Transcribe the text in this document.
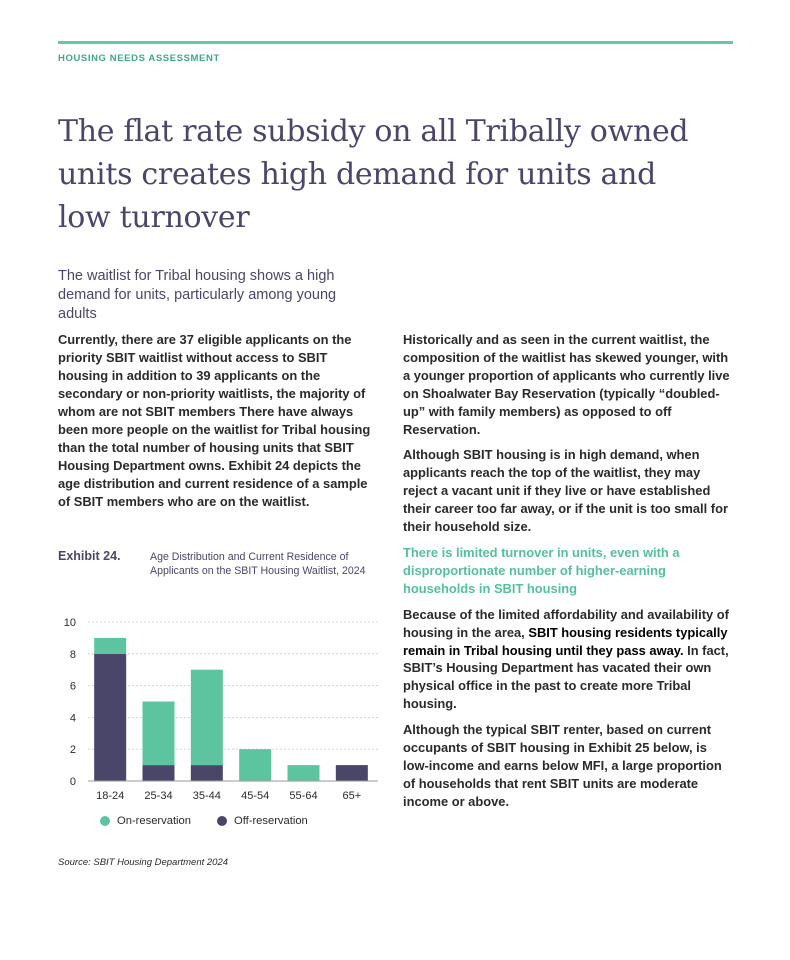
HOUSING NEEDS ASSESSMENT
The flat rate subsidy on all Tribally owned units creates high demand for units and low turnover
The waitlist for Tribal housing shows a high demand for units, particularly among young adults

Currently, there are 37 eligible applicants on the priority SBIT waitlist without access to SBIT housing in addition to 39 applicants on the secondary or non-priority waitlists, the majority of whom are not SBIT members There have always been more people on the waitlist for Tribal housing than the total number of housing units that SBIT Housing Department owns. Exhibit 24 depicts the age distribution and current residence of a sample of SBIT members who are on the waitlist.

Historically and as seen in the current waitlist, the composition of the waitlist has skewed younger, with a younger proportion of applicants who currently live on Shoalwater Bay Reservation (typically “doubled-up” with family members) as opposed to off Reservation.

Although SBIT housing is in high demand, when applicants reach the top of the waitlist, they may reject a vacant unit if they live or have established their career too far away, or if the unit is too small for their household size.

There is limited turnover in units, even with a disproportionate number of higher-earning households in SBIT housing

Because of the limited affordability and availability of housing in the area, SBIT housing residents typically remain in Tribal housing until they pass away. In fact, SBIT’s Housing Department has vacated their own physical office in the past to create more Tribal housing.

Although the typical SBIT renter, based on current occupants of SBIT housing in Exhibit 25 below, is low-income and earns below MFI, a large proportion of households that rent SBIT units are moderate income or above.

Exhibit 24.	Age Distribution and Current Residence of Applicants on the SBIT Housing Waitlist, 2024
0
2
4
6
8
10
18-24 25-34 35-44 45-54 55-64 65+
On-reservation	Off-reservation
Source: SBIT Housing Department 2024
